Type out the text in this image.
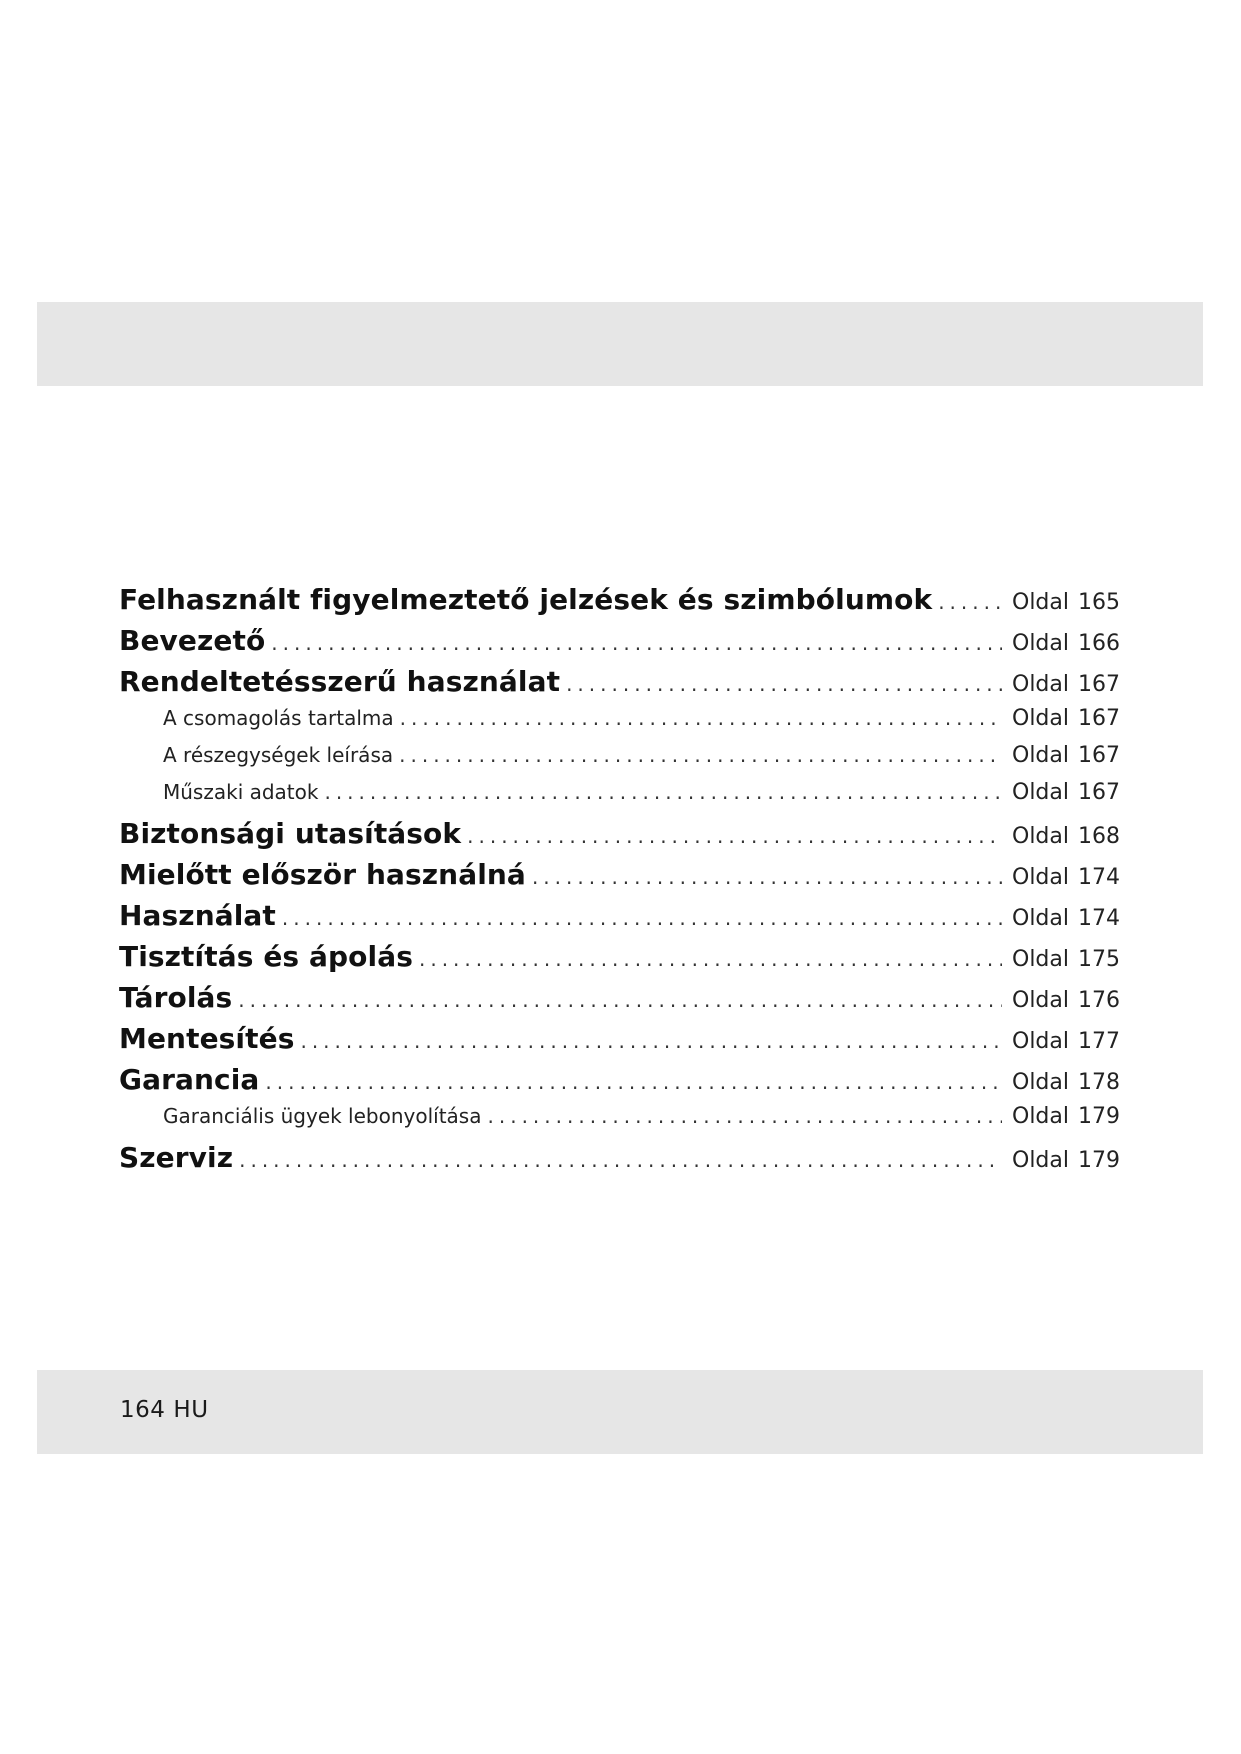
Felhasznált figyelmeztető jelzések és szimbólumok .....	Oldal 165
Bevezető .....	Oldal 166
Rendeltetésszerű használat .....	Oldal 167
A csomagolás tartalma .....	Oldal 167
A részegységek leírása .....	Oldal 167
Műszaki adatok .....	Oldal 167
Biztonsági utasítások .....	Oldal 168
Mielőtt először használná .....	Oldal 174
Használat .....	Oldal 174
Tisztítás és ápolás .....	Oldal 175
Tárolás .....	Oldal 176
Mentesítés .....	Oldal 177
Garancia .....	Oldal 178
Garanciális ügyek lebonyolítása .....	Oldal 179
Szerviz .....	Oldal 179
164 HU
